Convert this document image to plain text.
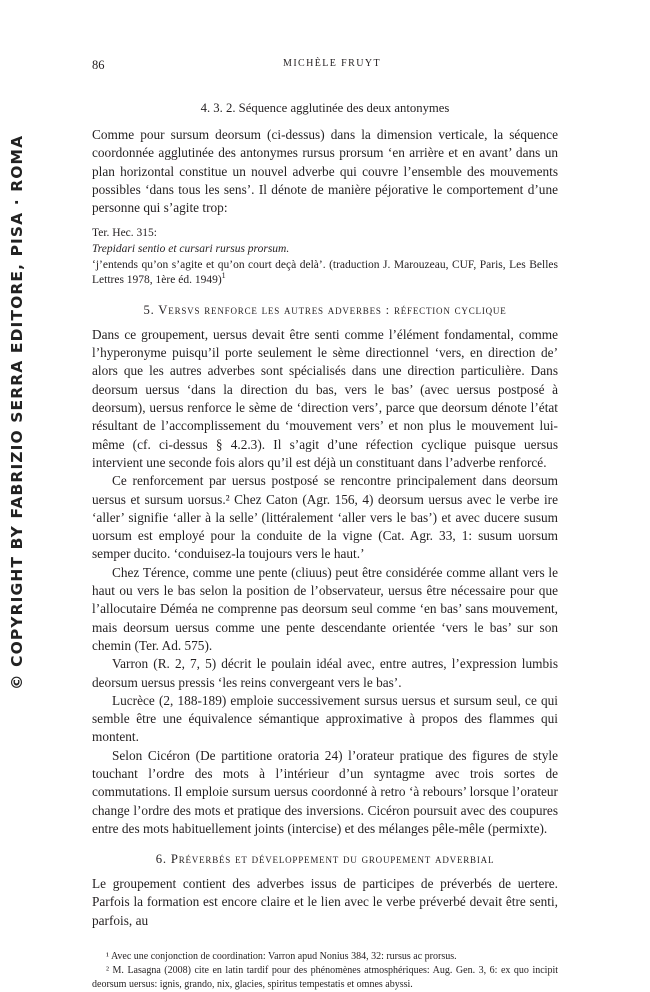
© COPYRIGHT BY FABRIZIO SERRA EDITORE, PISA · ROMA
86	MICHÈLE FRUYT
4. 3. 2. Séquence agglutinée des deux antonymes

Comme pour sursum deorsum (ci-dessus) dans la dimension verticale, la séquence coordonnée agglutinée des antonymes rursus prorsum ‘en arrière et en avant’ dans un plan horizontal constitue un nouvel adverbe qui couvre l’ensemble des mouvements possibles ‘dans tous les sens’. Il dénote de manière péjorative le comportement d’une personne qui s’agite trop:

Ter. Hec. 315:

Trepidari sentio et cursari rursus prorsum.

‘j’entends qu’on s’agite et qu’on court deçà delà’. (traduction J. Marouzeau, CUF, Paris, Les Belles Lettres 1978, 1ère éd. 1949)$^1$

5. Versvs renforce les autres adverbes : réfection cyclique

Dans ce groupement, uersus devait être senti comme l’élément fondamental, comme l’hyperonyme puisqu’il porte seulement le sème directionnel ‘vers, en direction de’ alors que les autres adverbes sont spécialisés dans une direction particulière. Dans deorsum uersus ‘dans la direction du bas, vers le bas’ (avec uersus postposé à deorsum), uersus renforce le sème de ‘direction vers’, parce que deorsum dénote l’état résultant de l’accomplissement du ‘mouvement vers’ et non plus le mouvement lui-même (cf. ci-dessus § 4.2.3). Il s’agit d’une réfection cyclique puisque uersus intervient une seconde fois alors qu’il est déjà un constituant dans l’adverbe renforcé.

Ce renforcement par uersus postposé se rencontre principalement dans deorsum uersus et sursum uorsus.² Chez Caton (Agr. 156, 4) deorsum uersus avec le verbe ire ‘aller’ signifie ‘aller à la selle’ (littéralement ‘aller vers le bas’) et avec ducere susum uorsum est employé pour la conduite de la vigne (Cat. Agr. 33, 1: susum uorsum semper ducito. ‘conduisez-la toujours vers le haut.’

Chez Térence, comme une pente (cliuus) peut être considérée comme allant vers le haut ou vers le bas selon la position de l’observateur, uersus être nécessaire pour que l’allocutaire Déméa ne comprenne pas deorsum seul comme ‘en bas’ sans mouvement, mais deorsum uersus comme une pente descendante orientée ‘vers le bas’ sur son chemin (Ter. Ad. 575).

Varron (R. 2, 7, 5) décrit le poulain idéal avec, entre autres, l’expression lumbis deorsum uersus pressis ‘les reins convergeant vers le bas’.

Lucrèce (2, 188-189) emploie successivement sursus uersus et sursum seul, ce qui semble être une équivalence sémantique approximative à propos des flammes qui montent.

Selon Cicéron (De partitione oratoria 24) l’orateur pratique des figures de style touchant l’ordre des mots à l’intérieur d’un syntagme avec trois sortes de commutations. Il emploie sursum uersus coordonné à retro ‘à rebours’ lorsque l’orateur change l’ordre des mots et pratique des inversions. Cicéron poursuit avec des coupures entre des mots habituellement joints (intercise) et des mélanges pêle-mêle (permixte).

6. Préverbés et développement du groupement adverbial

Le groupement contient des adverbes issus de participes de préverbés de uertere. Parfois la formation est encore claire et le lien avec le verbe préverbé devait être senti, parfois, au

¹ Avec une conjonction de coordination: Varron apud Nonius 384, 32: rursus ac prorsus.

² M. Lasagna (2008) cite en latin tardif pour des phénomènes atmosphériques: Aug. Gen. 3, 6: ex quo incipit deorsum uersus: ignis, grando, nix, glacies, spiritus tempestatis et omnes abyssi.
